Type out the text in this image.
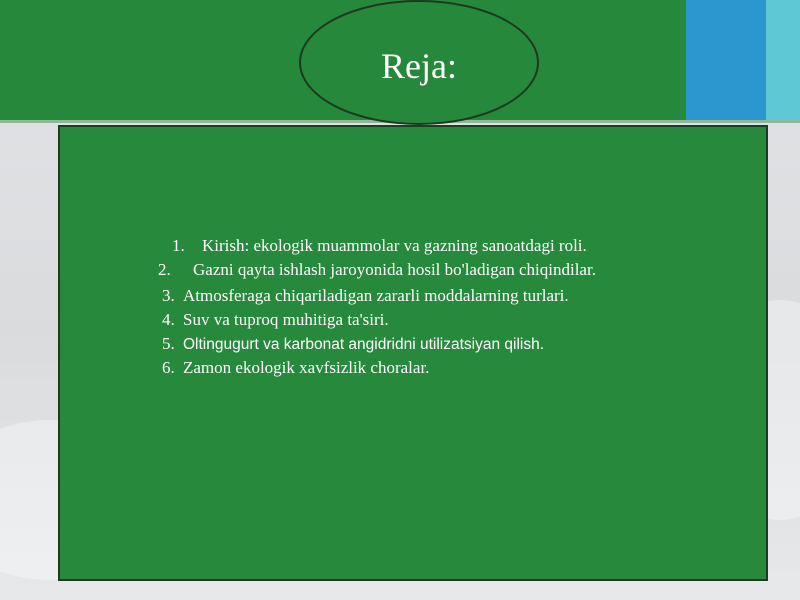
Reja:
1. Kirish: ekologik muammolar va gazning sanoatdagi roli.
2. Gazni qayta ishlash jaroyonida hosil bo'ladigan chiqindilar.
3. Atmosferaga chiqariladigan zararli moddalarning turlari.
4. Suv va tuproq muhitiga ta'siri.
5. Oltingugurt va karbonat angidridni utilizatsiyan qilish.
6. Zamon ekologik xavfsizlik choralar.
